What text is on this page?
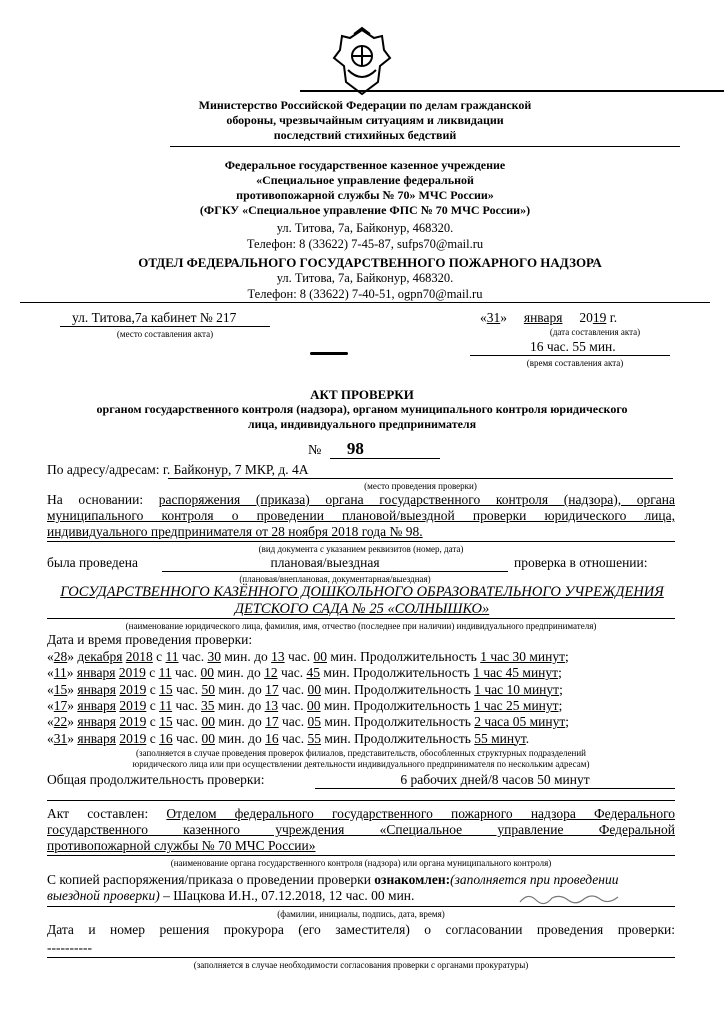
Министерство Российской Федерации по делам гражданской
обороны, чрезвычайным ситуациям и ликвидации
последствий стихийных бедствий
Федеральное государственное казенное учреждение
«Специальное управление федеральной
противопожарной службы № 70» МЧС России»
(ФГКУ «Специальное управление ФПС № 70 МЧС России»)
ул. Титова, 7а, Байконур, 468320.
Телефон: 8 (33622) 7-45-87, sufps70@mail.ru
ОТДЕЛ ФЕДЕРАЛЬНОГО ГОСУДАРСТВЕННОГО ПОЖАРНОГО НАДЗОРА
ул. Титова, 7а, Байконур, 468320.
Телефон: 8 (33622) 7-40-51, ogpn70@mail.ru
ул. Титова,7а кабинет № 217
(место составления акта)
«31» января 2019 г.
(дата составления акта)
16 час. 55 мин.
(время составления акта)
АКТ ПРОВЕРКИ
органом государственного контроля (надзора), органом муниципального контроля юридического
лица, индивидуального предпринимателя
№ 98
По адресу/адресам: г. Байконур, 7 МКР, д. 4А
(место проведения проверки)
На основании: распоряжения (приказа) органа государственного контроля (надзора), органа
муниципального контроля о проведении плановой/выездной проверки юридического лица,
индивидуального предпринимателя от 28 ноября 2018 года № 98.
(вид документа с указанием реквизитов (номер, дата)
была проведена	плановая/выездная	проверка в отношении:
(плановая/внеплановая, документарная/выездная)
ГОСУДАРСТВЕННОГО КАЗЁННОГО ДОШКОЛЬНОГО ОБРАЗОВАТЕЛЬНОГО УЧРЕЖДЕНИЯ
ДЕТСКОГО САДА № 25 «СОЛНЫШКО»
(наименование юридического лица, фамилия, имя, отчество (последнее при наличии) индивидуального предпринимателя)
Дата и время проведения проверки:
«28» декабря 2018 с 11 час. 30 мин. до 13 час. 00 мин. Продолжительность 1 час 30 минут;
«11» января 2019 с 11 час. 00 мин. до 12 час. 45 мин. Продолжительность 1 час 45 минут;
«15» января 2019 с 15 час. 50 мин. до 17 час. 00 мин. Продолжительность 1 час 10 минут;
«17» января 2019 с 11 час. 35 мин. до 13 час. 00 мин. Продолжительность 1 час 25 минут;
«22» января 2019 с 15 час. 00 мин. до 17 час. 05 мин. Продолжительность 2 часа 05 минут;
«31» января 2019 с 16 час. 00 мин. до 16 час. 55 мин. Продолжительность 55 минут.
(заполняется в случае проведения проверок филиалов, представительств, обособленных структурных подразделений
юридического лица или при осуществлении деятельности индивидуального предпринимателя по нескольким адресам)
Общая продолжительность проверки:	6 рабочих дней/8 часов 50 минут
Акт составлен: Отделом федерального государственного пожарного надзора Федерального
государственного казенного учреждения «Специальное управление Федеральной
противопожарной службы № 70 МЧС России»
(наименование органа государственного контроля (надзора) или органа муниципального контроля)
С копией распоряжения/приказа о проведении проверки ознакомлен:(заполняется при проведении
выездной проверки) – Шацкова И.Н., 07.12.2018, 12 час. 00 мин.
(фамилии, инициалы, подпись, дата, время)
Дата и номер решения прокурора (его заместителя) о согласовании проведения проверки:
----------
(заполняется в случае необходимости согласования проверки с органами прокуратуры)
